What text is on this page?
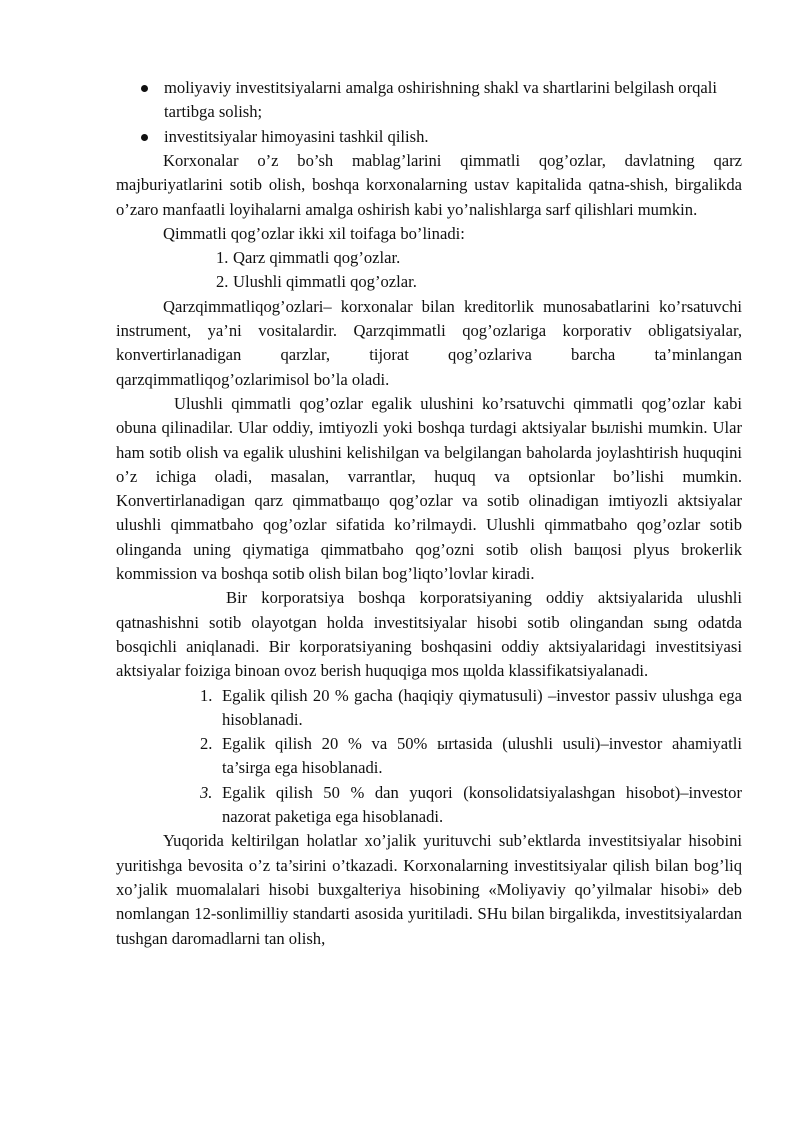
moliyaviy investitsiyalarni amalga oshirishning shakl va shartlarini belgilash orqali tartibga solish;

investitsiyalar himoyasini tashkil qilish.

Korxonalar o’z bo’sh mablag’larini qimmatli qog’ozlar, davlatning qarz majburiyatlarini sotib olish, boshqa korxonalarning ustav kapitalida qatna-shish, birgalikda o’zaro manfaatli loyihalarni amalga oshirish kabi yo’nalishlarga sarf qilishlari mumkin.

Qimmatli qog’ozlar ikki xil toifaga bo’linadi:

1. Qarz qimmatli qog’ozlar.

2. Ulushli qimmatli qog’ozlar.

Qarzqimmatliqog’ozlari– korxonalar bilan kreditorlik munosabatlarini ko’rsatuvchi instrument, ya’ni vositalardir. Qarzqimmatli qog’ozlariga korporativ obligatsiyalar, konvertirlanadigan qarzlar, tijorat qog’ozlariva barcha ta’minlangan qarzqimmatliqog’ozlarimisol bo’la oladi.

Ulushli qimmatli qog’ozlar egalik ulushini ko’rsatuvchi qimmatli qog’ozlar kabi obuna qilinadilar. Ular oddiy, imtiyozli yoki boshqa turdagi aktsiyalar bылishi mumkin. Ular ham sotib olish va egalik ulushini kelishilgan va belgilangan baholarda joylashtirish huquqini o’z ichiga oladi, masalan, varrantlar, huquq va optsionlar bo’lishi mumkin. Konvertirlanadigan qarz qimmatbaщо qog’ozlar va sotib olinadigan imtiyozli aktsiyalar ulushli qimmatbaho qog’ozlar sifatida ko’rilmaydi. Ulushli qimmatbaho qog’ozlar sotib olinganda uning qiymatiga qimmatbaho qog’ozni sotib olish baщosi plyus brokerlik kommission va boshqa sotib olish bilan bog’liqto’lovlar kiradi.

Bir korporatsiya boshqa korporatsiyaning oddiy aktsiyalarida ulushli qatnashishni sotib olayotgan holda investitsiyalar hisobi sotib olingandan sыng odatda bosqichli aniqlanadi. Bir korporatsiyaning boshqasini oddiy aktsiyalaridagi investitsiyasi aktsiyalar foiziga binoan ovoz berish huquqiga mos щolda klassifikatsiyalanadi.

1. Egalik qilish 20 % gacha (haqiqiy qiymatusuli) –investor passiv ulushga ega hisoblanadi.

2. Egalik qilish 20 % va 50% ыrtasida (ulushli usuli)–investor ahamiyatli ta’sirga ega hisoblanadi.

3. Egalik qilish 50 % dan yuqori (konsolidatsiyalashgan hisobot)–investor nazorat paketiga ega hisoblanadi.

Yuqorida keltirilgan holatlar xo’jalik yurituvchi sub’ektlarda investitsiyalar hisobini yuritishga bevosita o’z ta’sirini o’tkazadi. Korxonalarning investitsiyalar qilish bilan bog’liq xo’jalik muomalalari hisobi buxgalteriya hisobining «Moliyaviy qo’yilmalar hisobi» deb nomlangan 12-sonlimilliy standarti asosida yuritiladi. SHu bilan birgalikda, investitsiyalardan tushgan daromadlarni tan olish,
